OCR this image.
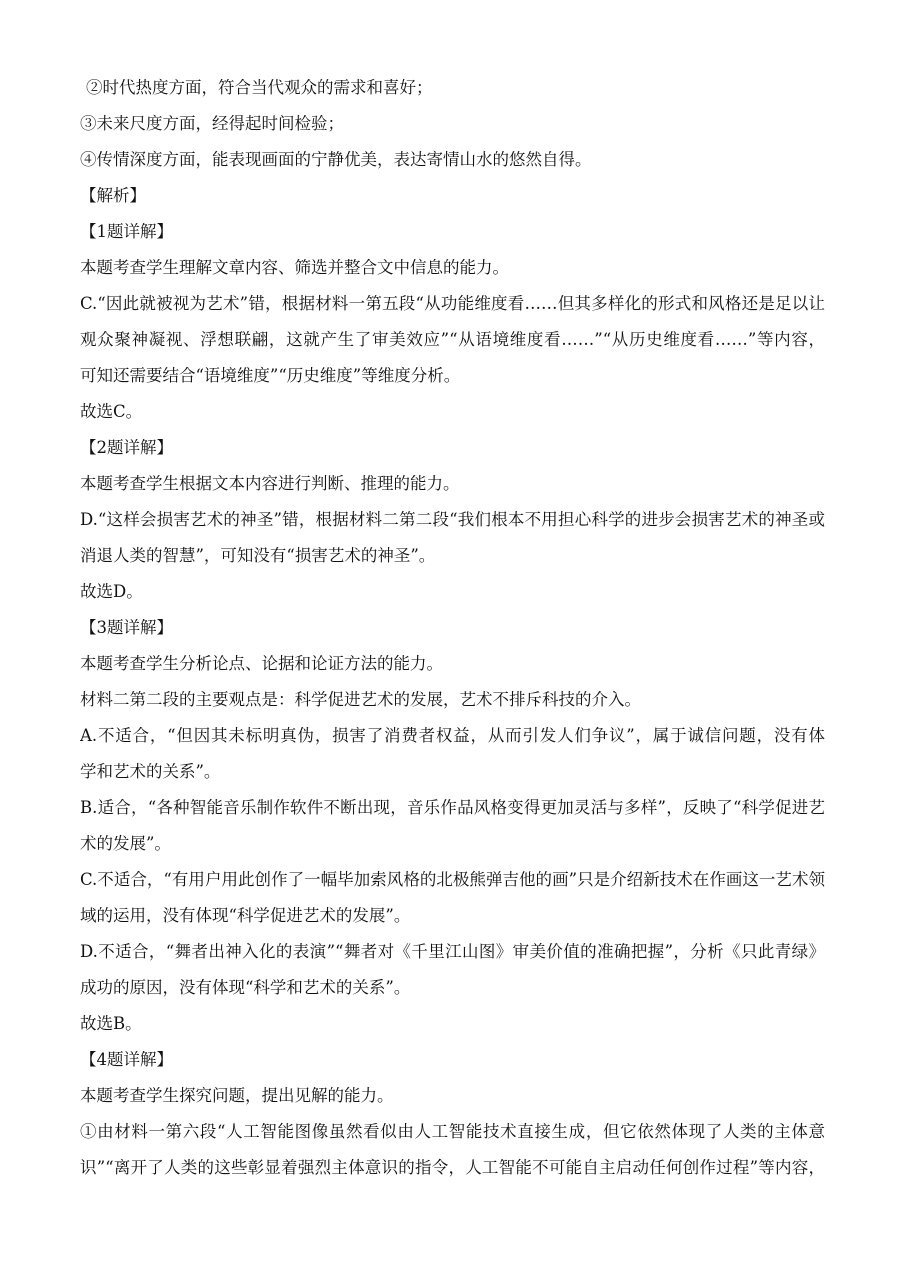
②时代热度方面，符合当代观众的需求和喜好；
③未来尺度方面，经得起时间检验；
④传情深度方面，能表现画面的宁静优美，表达寄情山水的悠然自得。
【解析】
【1题详解】
本题考查学生理解文章内容、筛选并整合文中信息的能力。
C.“因此就被视为艺术”错，根据材料一第五段“从功能维度看……但其多样化的形式和风格还是足以让
观众聚神凝视、浮想联翩，这就产生了审美效应”“从语境维度看……”“从历史维度看……”等内容，
可知还需要结合“语境维度”“历史维度”等维度分析。
故选C。
【2题详解】
本题考查学生根据文本内容进行判断、推理的能力。
D.“这样会损害艺术的神圣”错，根据材料二第二段“我们根本不用担心科学的进步会损害艺术的神圣或
消退人类的智慧”，可知没有“损害艺术的神圣”。
故选D。
【3题详解】
本题考查学生分析论点、论据和论证方法的能力。
材料二第二段的主要观点是：科学促进艺术的发展，艺术不排斥科技的介入。
A.不适合，“但因其未标明真伪，损害了消费者权益，从而引发人们争议”，属于诚信问题，没有体
学和艺术的关系”。
B.适合，“各种智能音乐制作软件不断出现，音乐作品风格变得更加灵活与多样”，反映了“科学促进艺
术的发展”。
C.不适合，“有用户用此创作了一幅毕加索风格的北极熊弹吉他的画”只是介绍新技术在作画这一艺术领
域的运用，没有体现“科学促进艺术的发展”。
D.不适合，“舞者出神入化的表演”“舞者对《千里江山图》审美价值的准确把握”，分析《只此青绿》
成功的原因，没有体现“科学和艺术的关系”。
故选B。
【4题详解】
本题考查学生探究问题，提出见解的能力。
①由材料一第六段“人工智能图像虽然看似由人工智能技术直接生成，但它依然体现了人类的主体意
识”“离开了人类的这些彰显着强烈主体意识的指令，人工智能不可能自主启动任何创作过程”等内容，
